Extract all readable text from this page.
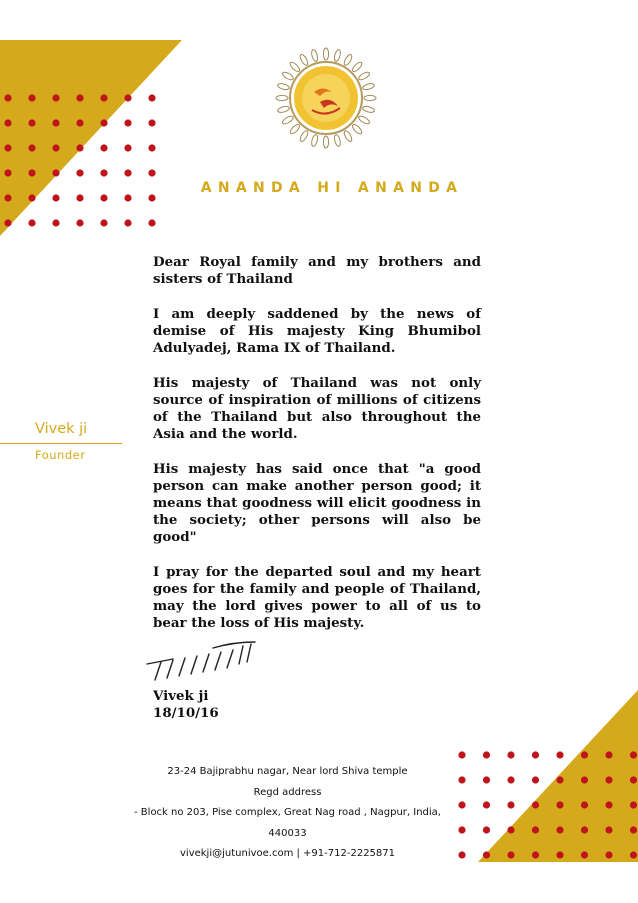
ANANDA HI ANANDA
Vivek ji
Founder

Dear Royal family and my brothers and sisters of Thailand

I am deeply saddened by the news of demise of His majesty King Bhumibol Adulyadej, Rama IX of Thailand.

His majesty of Thailand was not only source of inspiration of millions of citizens of the Thailand but also throughout the Asia and the world.

His majesty has said once that "a good person can make another person good; it means that goodness will elicit goodness in the society; other persons will also be good"

I pray for the departed soul and my heart goes for the family and people of Thailand, may the lord gives power to all of us to bear the loss of His majesty.

Vivek ji
18/10/16
23-24 Bajiprabhu nagar, Near lord Shiva temple
Regd address
- Block no 203, Pise complex, Great Nag road , Nagpur, India,
440033
vivekji@jutunivoe.com | +91-712-2225871
